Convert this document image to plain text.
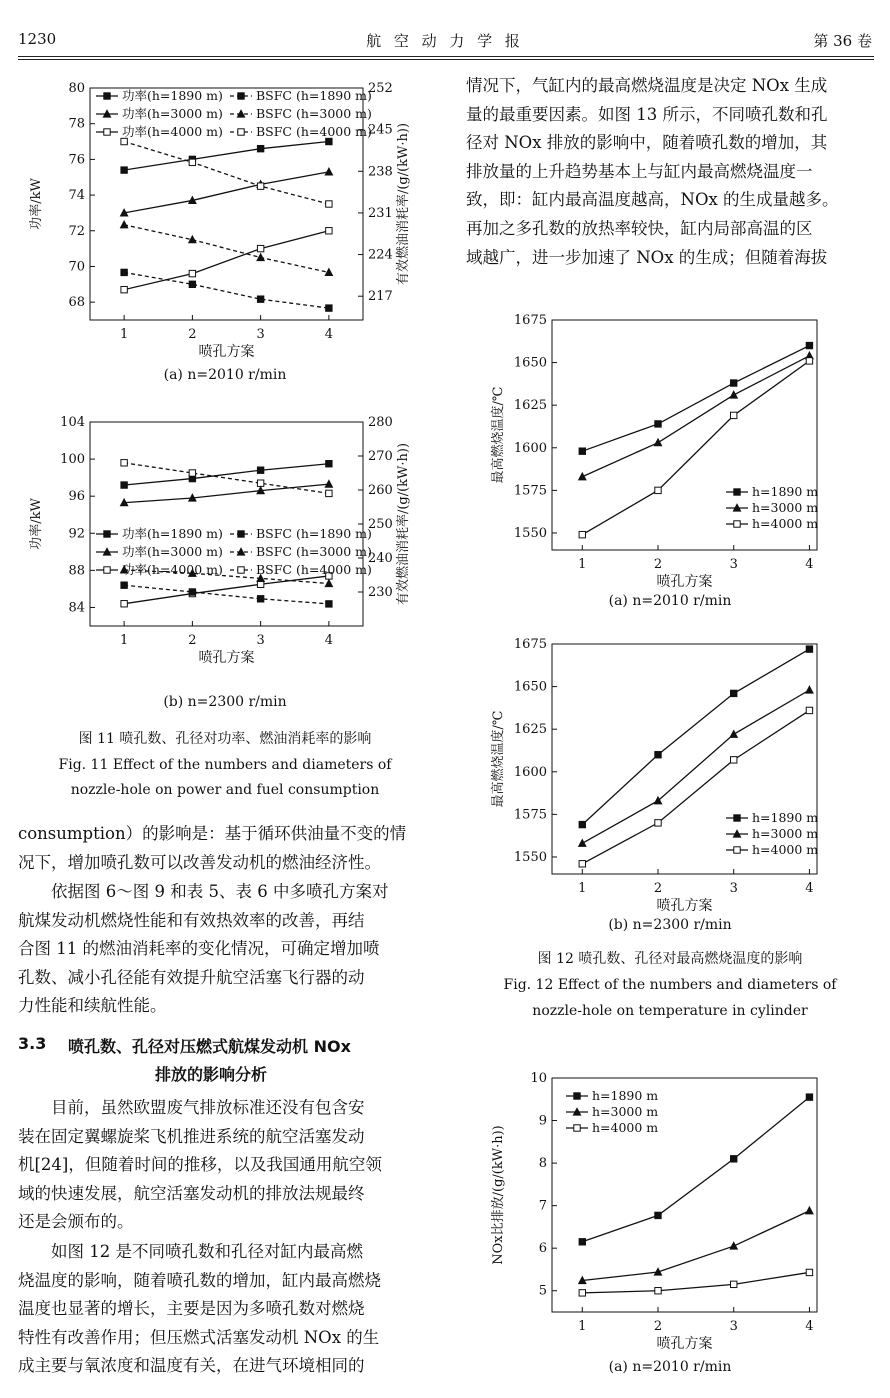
1230	航 空 动 力 学 报	第 36 卷
1	2	3	4
68
70
72
74
76
78
80
217
224
231
238
245
252
喷孔方案
功率/kW	有效燃油消耗率/(g/(kW·h))
功率(h=1890 m)
功率(h=3000 m)
功率(h=4000 m)
BSFC (h=1890 m)
BSFC (h=3000 m)
BSFC (h=4000 m)
(a) n=2010 r/min
1	2	3	4
84
88
92
96
100
104
230
240
250
260
270
280
喷孔方案
功率/kW	有效燃油消耗率/(g/(kW·h))
功率(h=1890 m)
功率(h=3000 m)
功率(h=4000 m)
BSFC (h=1890 m)
BSFC (h=3000 m)
BSFC (h=4000 m)
(b) n=2300 r/min
图 11 喷孔数、孔径对功率、燃油消耗率的影响
Fig. 11 Effect of the numbers and diameters of
nozzle-hole on power and fuel consumption
consumption）的影响是：基于循环供油量不变的情
况下，增加喷孔数可以改善发动机的燃油经济性。
依据图 6～图 9 和表 5、表 6 中多喷孔方案对
航煤发动机燃烧性能和有效热效率的改善，再结
合图 11 的燃油消耗率的变化情况，可确定增加喷
孔数、减小孔径能有效提升航空活塞飞行器的动
力性能和续航性能。
3.3 喷孔数、孔径对压燃式航煤发动机 NOx
排放的影响分析
目前，虽然欧盟废气排放标准还没有包含安
装在固定翼螺旋桨飞机推进系统的航空活塞发动
机[24]，但随着时间的推移，以及我国通用航空领
域的快速发展，航空活塞发动机的排放法规最终
还是会颁布的。
如图 12 是不同喷孔数和孔径对缸内最高燃
烧温度的影响，随着喷孔数的增加，缸内最高燃烧
温度也显著的增长，主要是因为多喷孔数对燃烧
特性有改善作用；但压燃式活塞发动机 NOx 的生
成主要与氧浓度和温度有关，在进气环境相同的
情况下，气缸内的最高燃烧温度是决定 NOx 生成
量的最重要因素。如图 13 所示，不同喷孔数和孔
径对 NOx 排放的影响中，随着喷孔数的增加，其
排放量的上升趋势基本上与缸内最高燃烧温度一
致，即：缸内最高温度越高，NOx 的生成量越多。
再加之多孔数的放热率较快，缸内局部高温的区
域越广，进一步加速了 NOx 的生成；但随着海拔
1	2	3	4
1550
1575
1600
1625
1650
1675
喷孔方案
最高燃烧温度/℃
h=1890 m
h=3000 m
h=4000 m
(a) n=2010 r/min
1	2	3	4
1550
1575
1600
1625
1650
1675
喷孔方案
最高燃烧温度/℃
h=1890 m
h=3000 m
h=4000 m
(b) n=2300 r/min
图 12 喷孔数、孔径对最高燃烧温度的影响
Fig. 12 Effect of the numbers and diameters of
nozzle-hole on temperature in cylinder
1	2	3	4
5
6
7
8
9
10
喷孔方案
NOx比排放/(g/(kW·h))
h=1890 m
h=3000 m
h=4000 m
(a) n=2010 r/min
